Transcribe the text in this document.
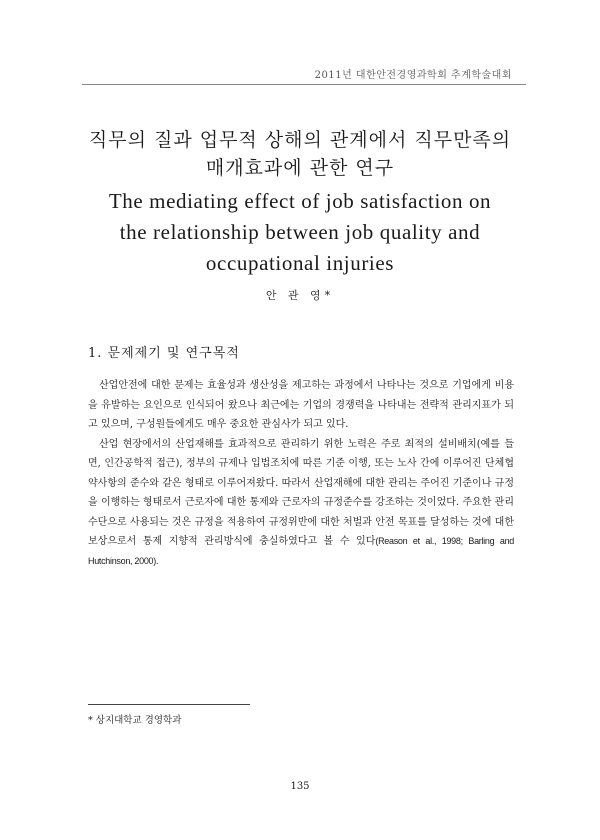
2011년 대한안전경영과학회 추계학술대회
직무의 질과 업무적 상해의 관계에서 직무만족의
매개효과에 관한 연구
The mediating effect of job satisfaction on
the relationship between job quality and
occupational injuries
안 관 영*
1. 문제제기 및 연구목적

산업안전에 대한 문제는 효율성과 생산성을 제고하는 과정에서 나타나는 것으로 기업에게 비용을 유발하는 요인으로 인식되어 왔으나 최근에는 기업의 경쟁력을 나타내는 전략적 관리지표가 되고 있으며, 구성원들에게도 매우 중요한 관심사가 되고 있다.

산업 현장에서의 산업재해를 효과적으로 관리하기 위한 노력은 주로 최적의 설비배치(예를 들면, 인간공학적 접근), 정부의 규제나 입법조치에 따른 기준 이행, 또는 노사 간에 이루어진 단체협약사항의 준수와 같은 형태로 이루어져왔다. 따라서 산업재해에 대한 관리는 주어진 기준이나 규정을 이행하는 형태로서 근로자에 대한 통제와 근로자의 규정준수를 강조하는 것이었다. 주요한 관리수단으로 사용되는 것은 규정을 적용하여 규정위반에 대한 처벌과 안전 목표를 달성하는 것에 대한 보상으로서 통제 지향적 관리방식에 충실하였다고 볼 수 있다(Reason et al., 1998; Barling and Hutchinson, 2000).

* 상지대학교 경영학과
135
